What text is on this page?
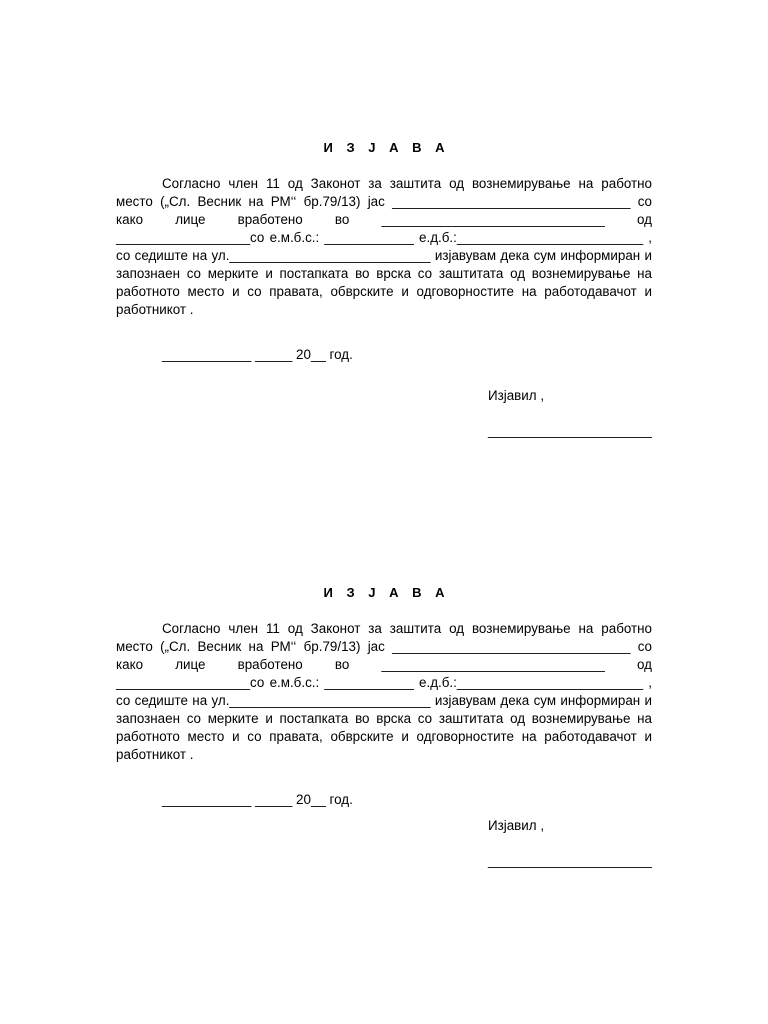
И З Ј А В А

Согласно член 11 од Законот за заштита од вознемирување на работно
место („Сл. Весник на РМ‘‘ бр.79/13) јас ________________________________ со
како лице вработено во ______________________________ од
__________________со е.м.б.с.: ____________ е.д.б.:_________________________ ,
со седиште на ул.___________________________ изјавувам дека сум информиран и
запознаен со мерките и постапката во врска со заштитата од вознемирување на
работното место и со правата, обврските и одговорностите на работодавачот и
работникот .

____________ _____ 20__ год.
Изјавил ,
______________________
И З Ј А В А

Согласно член 11 од Законот за заштита од вознемирување на работно
место („Сл. Весник на РМ‘‘ бр.79/13) јас ________________________________ со
како лице вработено во ______________________________ од
__________________со е.м.б.с.: ____________ е.д.б.:_________________________ ,
со седиште на ул.___________________________ изјавувам дека сум информиран и
запознаен со мерките и постапката во врска со заштитата од вознемирување на
работното место и со правата, обврските и одговорностите на работодавачот и
работникот .

____________ _____ 20__ год.
Изјавил ,
______________________
